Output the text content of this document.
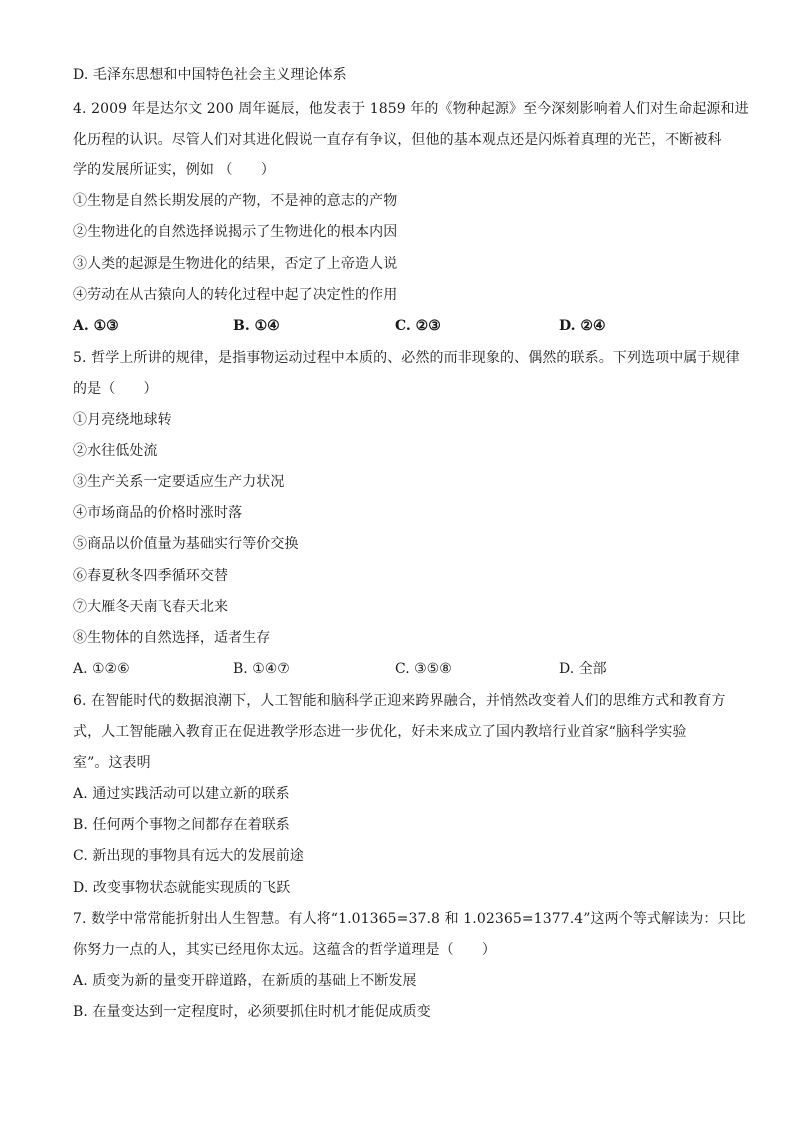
D. 毛泽东思想和中国特色社会主义理论体系
4. 2009 年是达尔文 200 周年诞辰，他发表于 1859 年的《物种起源》至今深刻影响着人们对生命起源和进
化历程的认识。尽管人们对其进化假说一直存有争议，但他的基本观点还是闪烁着真理的光芒，不断被科
学的发展所证实，例如 （　　）
①生物是自然长期发展的产物，不是神的意志的产物
②生物进化的自然选择说揭示了生物进化的根本内因
③人类的起源是生物进化的结果，否定了上帝造人说
④劳动在从古猿向人的转化过程中起了决定性的作用
A. ①③	B. ①④	C. ②③	D. ②④
5. 哲学上所讲的规律，是指事物运动过程中本质的、必然的而非现象的、偶然的联系。下列选项中属于规律
的是（　　）
①月亮绕地球转
②水往低处流
③生产关系一定要适应生产力状况
④市场商品的价格时涨时落
⑤商品以价值量为基础实行等价交换
⑥春夏秋冬四季循环交替
⑦大雁冬天南飞春天北来
⑧生物体的自然选择，适者生存
A. ①②⑥	B. ①④⑦	C. ③⑤⑧	D. 全部
6. 在智能时代的数据浪潮下，人工智能和脑科学正迎来跨界融合，并悄然改变着人们的思维方式和教育方
式，人工智能融入教育正在促进教学形态进一步优化，好未来成立了国内教培行业首家“脑科学实验
室”。这表明
A. 通过实践活动可以建立新的联系
B. 任何两个事物之间都存在着联系
C. 新出现的事物具有远大的发展前途
D. 改变事物状态就能实现质的飞跃
7. 数学中常常能折射出人生智慧。有人将“1.01365=37.8 和 1.02365=1377.4”这两个等式解读为：只比
你努力一点的人，其实已经甩你太远。这蕴含的哲学道理是（　　）
A. 质变为新的量变开辟道路，在新质的基础上不断发展
B. 在量变达到一定程度时，必须要抓住时机才能促成质变
